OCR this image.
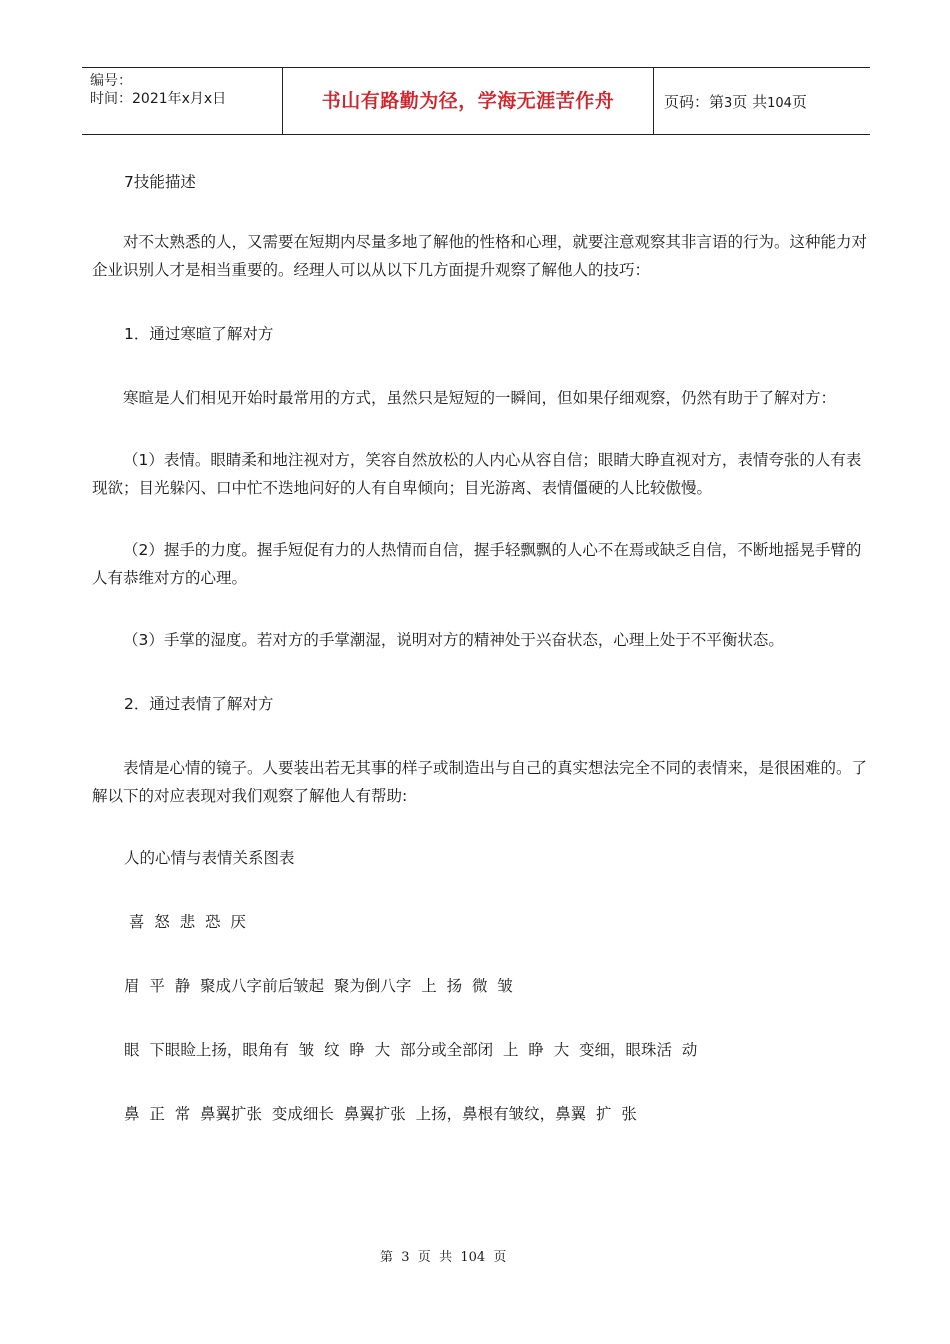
编号：
时间：2021年x月x日	书山有路勤为径，学海无涯苦作舟	页码：第3页 共104页

7技能描述

对不太熟悉的人，又需要在短期内尽量多地了解他的性格和心理，就要注意观察其非言语的行为。这种能力对企业识别人才是相当重要的。经理人可以从以下几方面提升观察了解他人的技巧：

1．通过寒暄了解对方

寒暄是人们相见开始时最常用的方式，虽然只是短短的一瞬间，但如果仔细观察，仍然有助于了解对方：

（1）表情。眼睛柔和地注视对方，笑容自然放松的人内心从容自信；眼睛大睁直视对方，表情夸张的人有表现欲；目光躲闪、口中忙不迭地问好的人有自卑倾向；目光游离、表情僵硬的人比较傲慢。

（2）握手的力度。握手短促有力的人热情而自信，握手轻飘飘的人心不在焉或缺乏自信，不断地摇晃手臂的人有恭维对方的心理。

（3）手掌的湿度。若对方的手掌潮湿，说明对方的精神处于兴奋状态，心理上处于不平衡状态。

2．通过表情了解对方

表情是心情的镜子。人要装出若无其事的样子或制造出与自己的真实想法完全不同的表情来，是很困难的。了解以下的对应表现对我们观察了解他人有帮助:

人的心情与表情关系图表

喜  怒  悲  恐  厌

眉  平  静  聚成八字前后皱起  聚为倒八字  上  扬  微  皱

眼  下眼睑上扬，眼角有  皱  纹  睁  大  部分或全部闭  上  睁  大  变细，眼珠活  动

鼻  正  常  鼻翼扩张  变成细长  鼻翼扩张  上扬，鼻根有皱纹，鼻翼  扩  张

第  3  页  共  104  页
